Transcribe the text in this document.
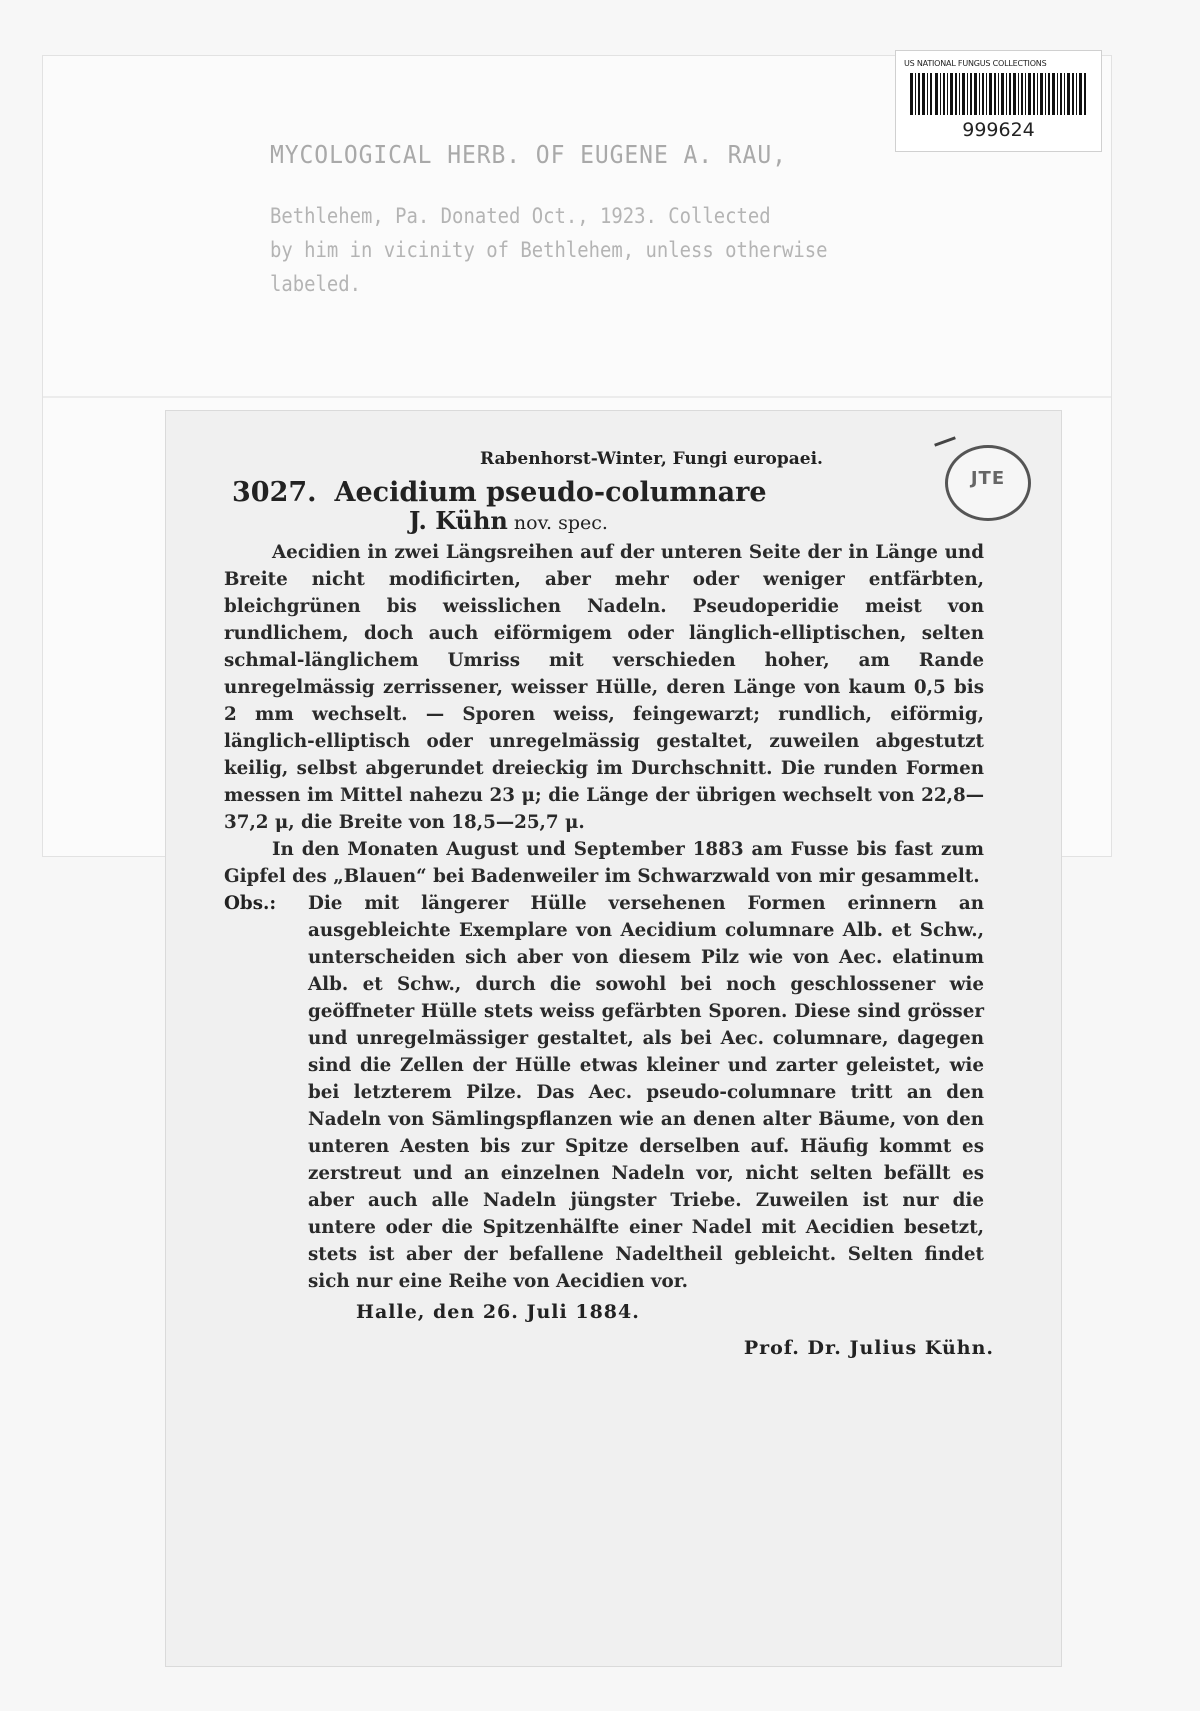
US NATIONAL FUNGUS COLLECTIONS
999624
MYCOLOGICAL HERB. OF EUGENE A. RAU,
Bethlehem, Pa. Donated Oct., 1923. Collected
by him in vicinity of Bethlehem, unless otherwise
labeled.
Rabenhorst-Winter, Fungi europaei.
3027. Aecidium pseudo-columnare
J. Kühn nov. spec.

Aecidien in zwei Längsreihen auf der unteren Seite der in Länge und Breite nicht modificirten, aber mehr oder weniger entfärbten, bleichgrünen bis weisslichen Nadeln. Pseudoperidie meist von rundlichem, doch auch eiförmigem oder länglich-elliptischen, selten schmal-länglichem Umriss mit verschieden hoher, am Rande unregelmässig zerrissener, weisser Hülle, deren Länge von kaum 0,5 bis 2 mm wechselt. — Sporen weiss, feingewarzt; rundlich, eiförmig, länglich-elliptisch oder unregelmässig gestaltet, zuweilen abgestutzt keilig, selbst abgerundet dreieckig im Durchschnitt. Die runden Formen messen im Mittel nahezu 23 μ; die Länge der übrigen wechselt von 22,8—37,2 μ, die Breite von 18,5—25,7 μ.

In den Monaten August und September 1883 am Fusse bis fast zum Gipfel des „Blauen“ bei Badenweiler im Schwarzwald von mir gesammelt.

Obs.:	Die mit längerer Hülle versehenen Formen erinnern an ausgebleichte Exemplare von Aecidium columnare Alb. et Schw., unterscheiden sich aber von diesem Pilz wie von Aec. elatinum Alb. et Schw., durch die sowohl bei noch geschlossener wie geöffneter Hülle stets weiss gefärbten Sporen. Diese sind grösser und unregelmässiger gestaltet, als bei Aec. columnare, dagegen sind die Zellen der Hülle etwas kleiner und zarter geleistet, wie bei letzterem Pilze. Das Aec. pseudo-columnare tritt an den Nadeln von Sämlingspflanzen wie an denen alter Bäume, von den unteren Aesten bis zur Spitze derselben auf. Häufig kommt es zerstreut und an einzelnen Nadeln vor, nicht selten befällt es aber auch alle Nadeln jüngster Triebe. Zuweilen ist nur die untere oder die Spitzenhälfte einer Nadel mit Aecidien besetzt, stets ist aber der befallene Nadeltheil gebleicht. Selten findet sich nur eine Reihe von Aecidien vor.
Halle, den 26. Juli 1884.
Prof. Dr. Julius Kühn.
JTE
